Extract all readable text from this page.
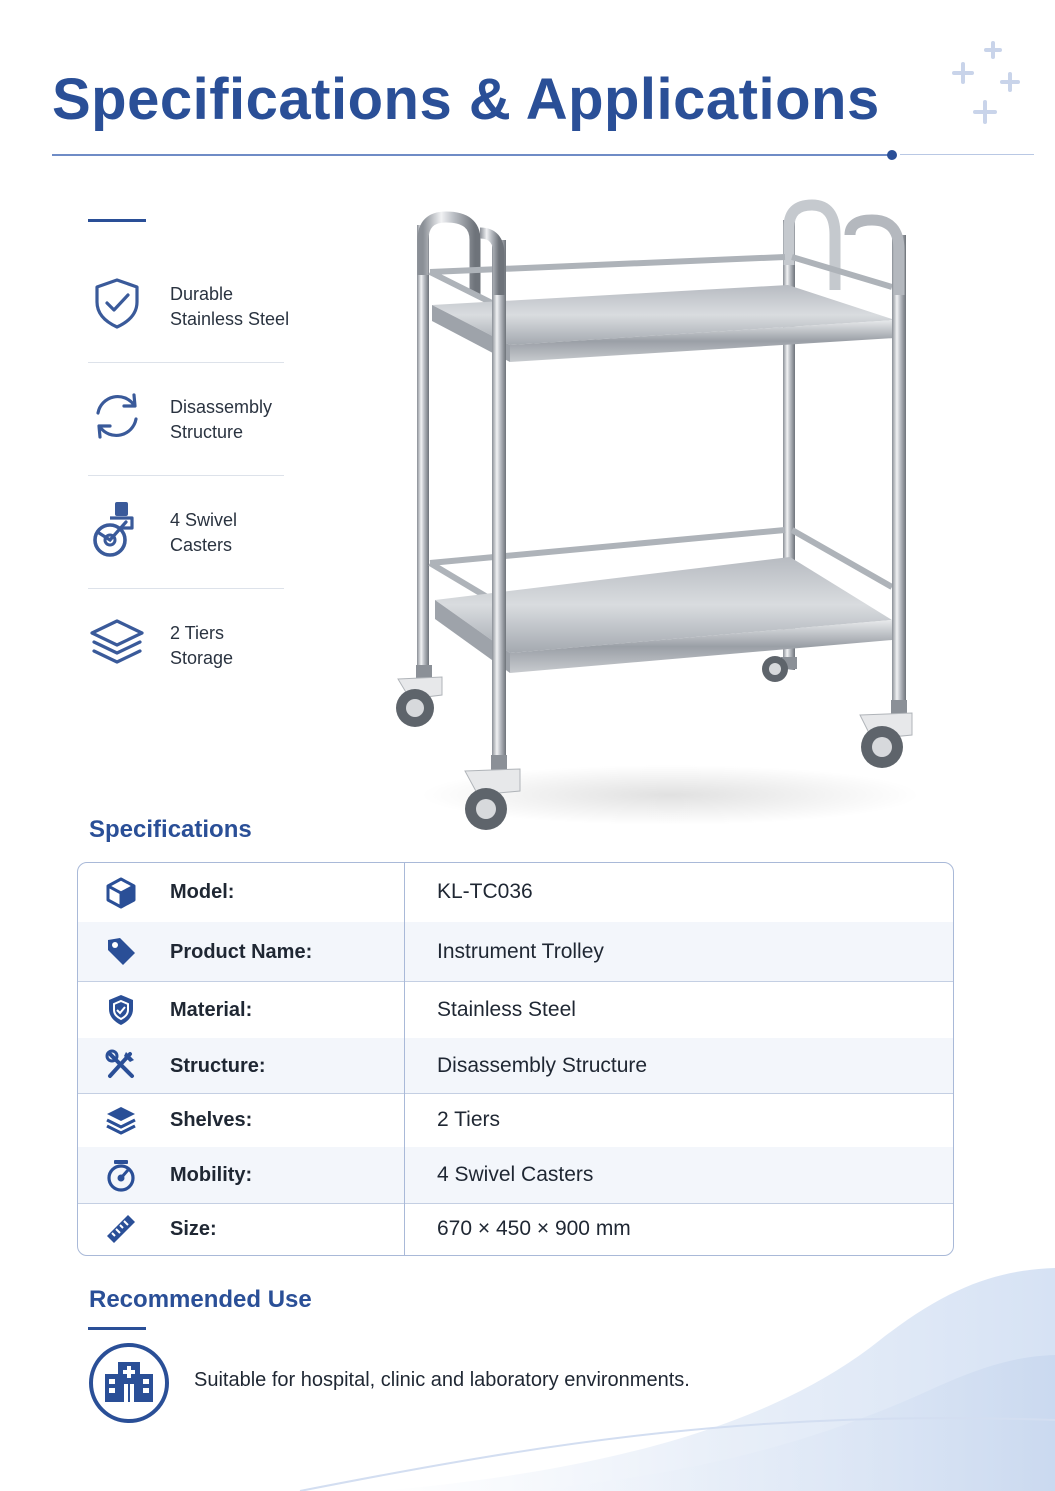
Specifications & Applications
Durable
Stainless Steel
Disassembly
Structure
4 Swivel
Casters
2 Tiers
Storage
Specifications
Model:	KL-TC036
Product Name:	Instrument Trolley
Material:	Stainless Steel
Structure:	Disassembly Structure
Shelves:	2 Tiers
Mobility:	4 Swivel Casters
Size:	670 × 450 × 900 mm
Recommended Use
Suitable for hospital, clinic and laboratory environments.
